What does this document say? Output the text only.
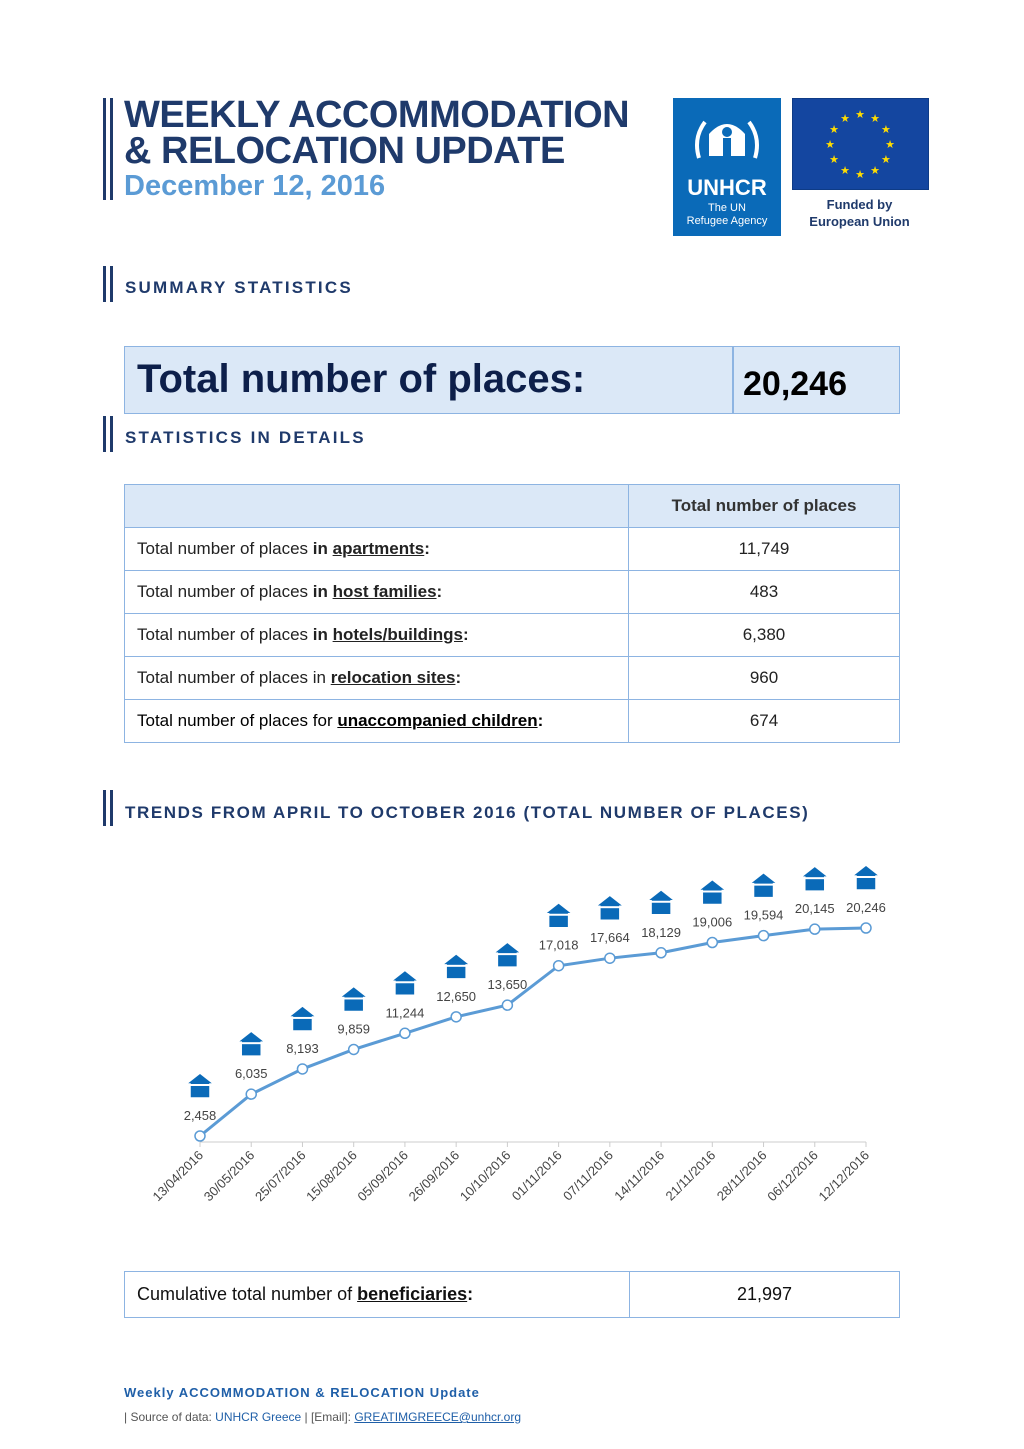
WEEKLY ACCOMMODATION
& RELOCATION UPDATE
December 12, 2016	UNHCR
The UN
Refugee Agency
★ ★
★
★
★
★
★
★
★
★
★
★
Funded by
European Union
SUMMARY STATISTICS
Total number of places:	20,246
STATISTICS IN DETAILS
	Total number of places
Total number of places in apartments:	11,749
Total number of places in host families:	483
Total number of places in hotels/buildings:	6,380
Total number of places in relocation sites:	960
Total number of places for unaccompanied children:	674
TRENDS FROM APRIL TO OCTOBER 2016 (TOTAL NUMBER OF PLACES)
2,458
13/04/2016
6,035
30/05/2016
8,193
25/07/2016
9,859
15/08/2016
11,244
05/09/2016
12,650
26/09/2016
13,650
10/10/2016
17,018
01/11/2016
17,664
07/11/2016
18,129
14/11/2016
19,006
21/11/2016
19,594
28/11/2016
20,145
06/12/2016
20,246
12/12/2016
Cumulative total number of beneficiaries:	21,997
Weekly ACCOMMODATION & RELOCATION Update
| Source of data: UNHCR Greece | [Email]: GREATIMGREECE@unhcr.org
